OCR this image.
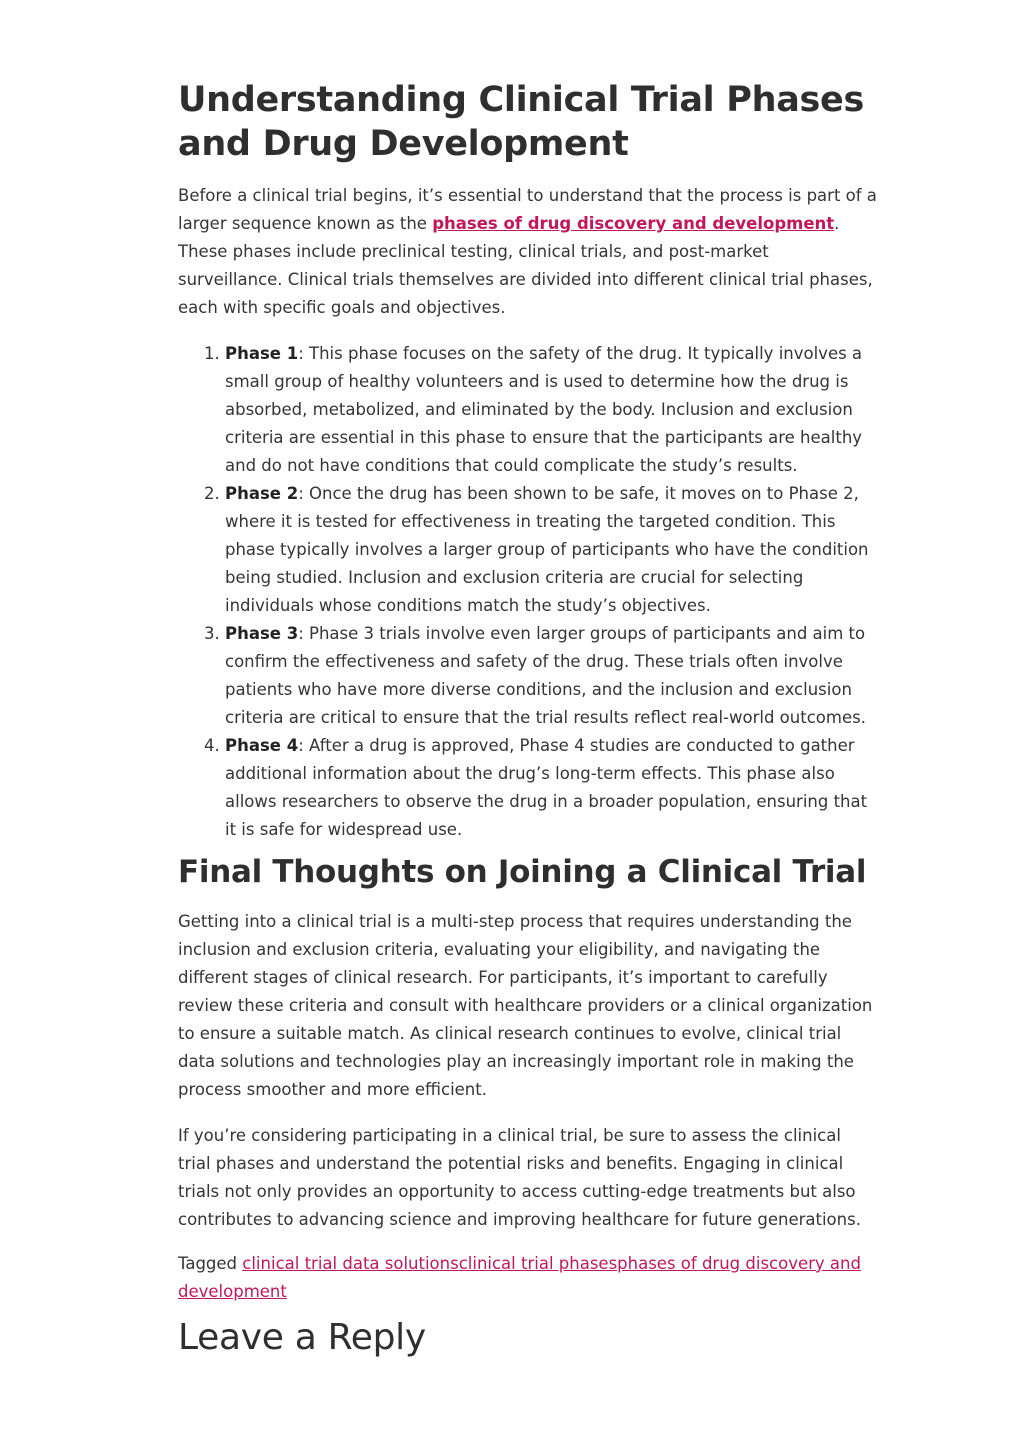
Understanding Clinical Trial Phases and Drug Development

Before a clinical trial begins, it’s essential to understand that the process is part of a larger sequence known as the phases of drug discovery and development. These phases include preclinical testing, clinical trials, and post-market surveillance. Clinical trials themselves are divided into different clinical trial phases, each with specific goals and objectives.

1. Phase 1: This phase focuses on the safety of the drug. It typically involves a small group of healthy volunteers and is used to determine how the drug is absorbed, metabolized, and eliminated by the body. Inclusion and exclusion criteria are essential in this phase to ensure that the participants are healthy and do not have conditions that could complicate the study’s results.
2. Phase 2: Once the drug has been shown to be safe, it moves on to Phase 2, where it is tested for effectiveness in treating the targeted condition. This phase typically involves a larger group of participants who have the condition being studied. Inclusion and exclusion criteria are crucial for selecting individuals whose conditions match the study’s objectives.
3. Phase 3: Phase 3 trials involve even larger groups of participants and aim to confirm the effectiveness and safety of the drug. These trials often involve patients who have more diverse conditions, and the inclusion and exclusion criteria are critical to ensure that the trial results reflect real-world outcomes.
4. Phase 4: After a drug is approved, Phase 4 studies are conducted to gather additional information about the drug’s long-term effects. This phase also allows researchers to observe the drug in a broader population, ensuring that it is safe for widespread use.
Final Thoughts on Joining a Clinical Trial

Getting into a clinical trial is a multi-step process that requires understanding the inclusion and exclusion criteria, evaluating your eligibility, and navigating the different stages of clinical research. For participants, it’s important to carefully review these criteria and consult with healthcare providers or a clinical organization to ensure a suitable match. As clinical research continues to evolve, clinical trial data solutions and technologies play an increasingly important role in making the process smoother and more efficient.

If you’re considering participating in a clinical trial, be sure to assess the clinical trial phases and understand the potential risks and benefits. Engaging in clinical trials not only provides an opportunity to access cutting-edge treatments but also contributes to advancing science and improving healthcare for future generations.

Tagged clinical trial data solutionsclinical trial phasesphases of drug discovery and development
Leave a Reply
